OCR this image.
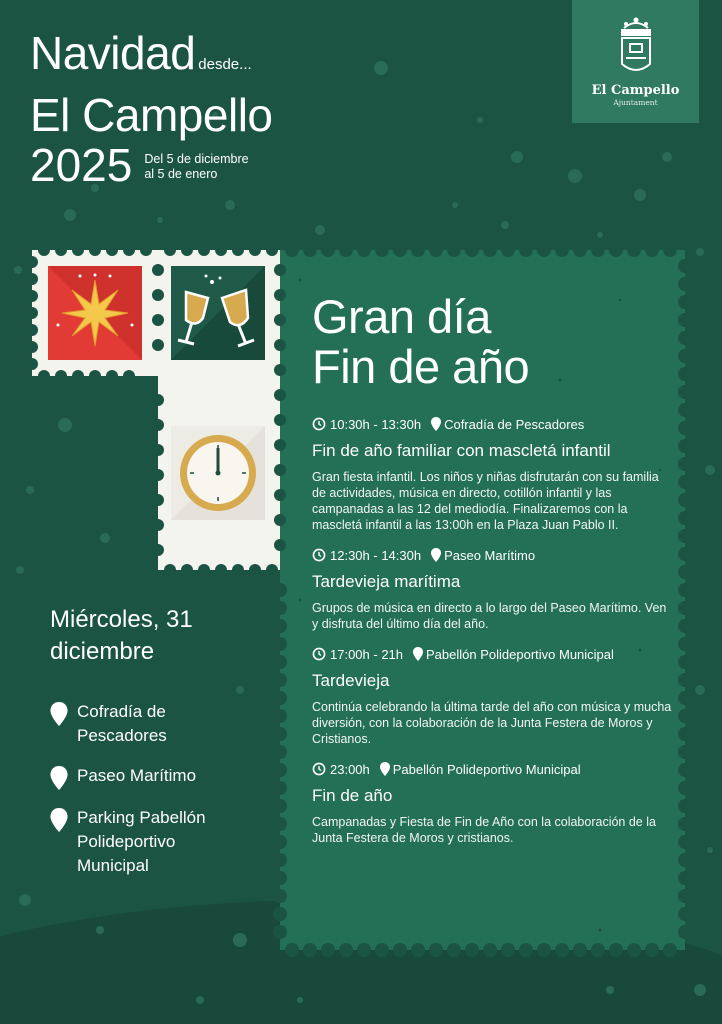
Navidad desde...
El Campello
2025 Del 5 de diciembre
al 5 de enero
El Campello
Ajuntament
Gran día
Fin de año
10:30h - 13:30h Cofradía de Pescadores
Fin de año familiar con mascletá infantil
Gran fiesta infantil. Los niños y niñas disfrutarán con su familia de actividades, música en directo, cotillón infantil y las campanadas a las 12 del mediodía. Finalizaremos con la mascletá infantil a las 13:00h en la Plaza Juan Pablo II.
12:30h - 14:30h Paseo Marítimo
Tardevieja marítima
Grupos de música en directo a lo largo del Paseo Marítimo. Ven y disfruta del último día del año.
17:00h - 21h Pabellón Polideportivo Municipal
Tardevieja
Continúa celebrando la última tarde del año con música y mucha diversión, con la colaboración de la Junta Festera de Moros y Cristianos.
23:00h Pabellón Polideportivo Municipal
Fin de año
Campanadas y Fiesta de Fin de Año con la colaboración de la Junta Festera de Moros y cristianos.
Miércoles, 31
diciembre
Cofradía de
Pescadores
Paseo Marítimo
Parking Pabellón
Polideportivo
Municipal
